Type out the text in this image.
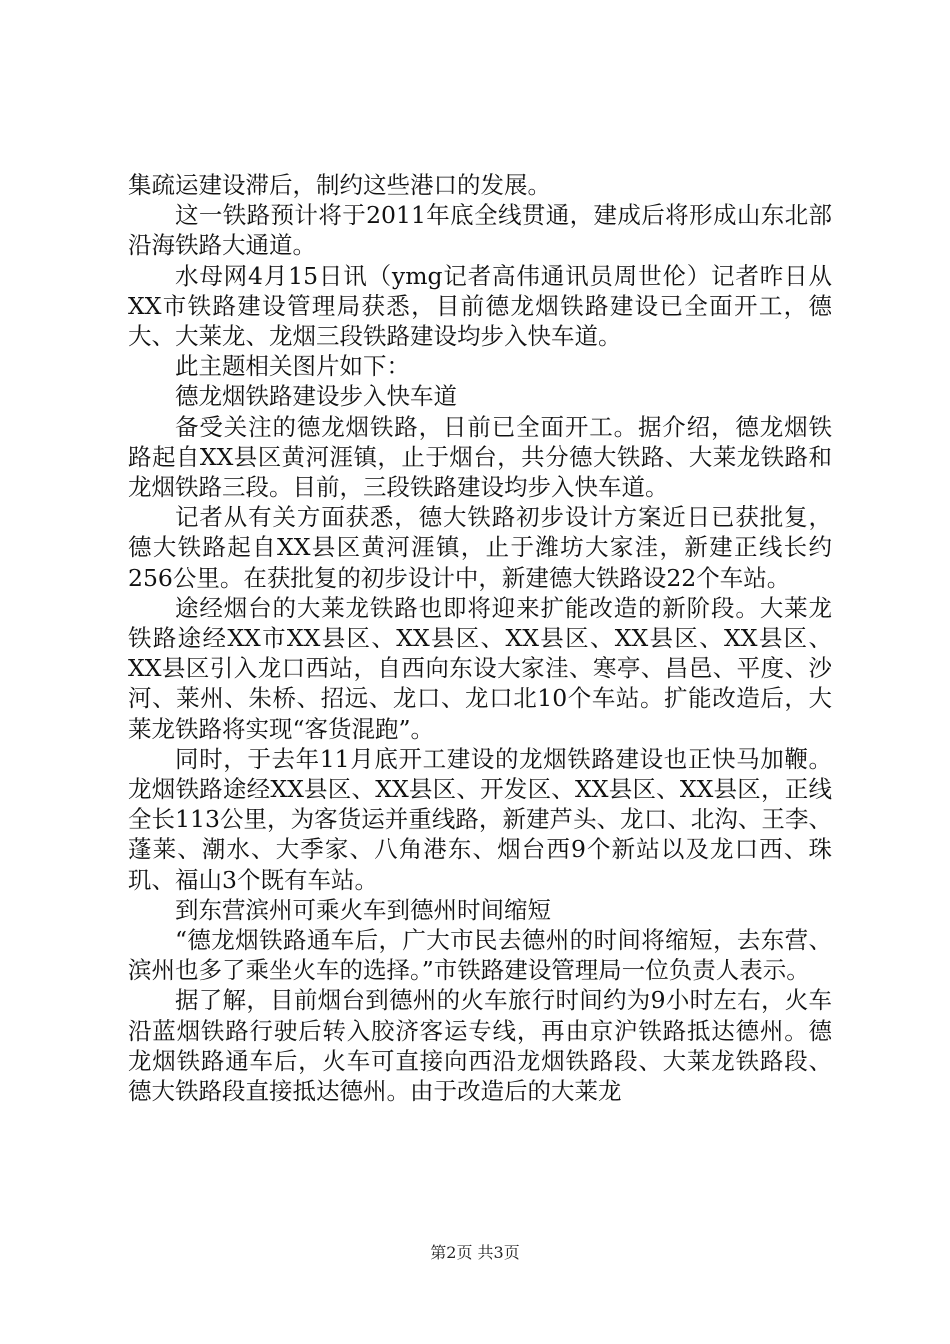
集疏运建设滞后，制约这些港口的发展。

这一铁路预计将于2011年底全线贯通，建成后将形成山东北部沿海铁路大通道。

水母网4月15日讯（ymg记者高伟通讯员周世伦）记者昨日从XX市铁路建设管理局获悉，目前德龙烟铁路建设已全面开工，德大、大莱龙、龙烟三段铁路建设均步入快车道。

此主题相关图片如下：

德龙烟铁路建设步入快车道

备受关注的德龙烟铁路，日前已全面开工。据介绍，德龙烟铁路起自XX县区黄河涯镇，止于烟台，共分德大铁路、大莱龙铁路和龙烟铁路三段。目前，三段铁路建设均步入快车道。

记者从有关方面获悉，德大铁路初步设计方案近日已获批复，德大铁路起自XX县区黄河涯镇，止于潍坊大家洼，新建正线长约256公里。在获批复的初步设计中，新建德大铁路设22个车站。

途经烟台的大莱龙铁路也即将迎来扩能改造的新阶段。大莱龙铁路途经XX市XX县区、XX县区、XX县区、XX县区、XX县区、XX县区引入龙口西站，自西向东设大家洼、寒亭、昌邑、平度、沙河、莱州、朱桥、招远、龙口、龙口北10个车站。扩能改造后，大莱龙铁路将实现“客货混跑”。

同时，于去年11月底开工建设的龙烟铁路建设也正快马加鞭。龙烟铁路途经XX县区、XX县区、开发区、XX县区、XX县区，正线全长113公里，为客货运并重线路，新建芦头、龙口、北沟、王李、蓬莱、潮水、大季家、八角港东、烟台西9个新站以及龙口西、珠玑、福山3个既有车站。

到东营滨州可乘火车到德州时间缩短

“德龙烟铁路通车后，广大市民去德州的时间将缩短，去东营、滨州也多了乘坐火车的选择。”市铁路建设管理局一位负责人表示。

据了解，目前烟台到德州的火车旅行时间约为9小时左右，火车沿蓝烟铁路行驶后转入胶济客运专线，再由京沪铁路抵达德州。德龙烟铁路通车后，火车可直接向西沿龙烟铁路段、大莱龙铁路段、德大铁路段直接抵达德州。由于改造后的大莱龙

第2页 共3页
